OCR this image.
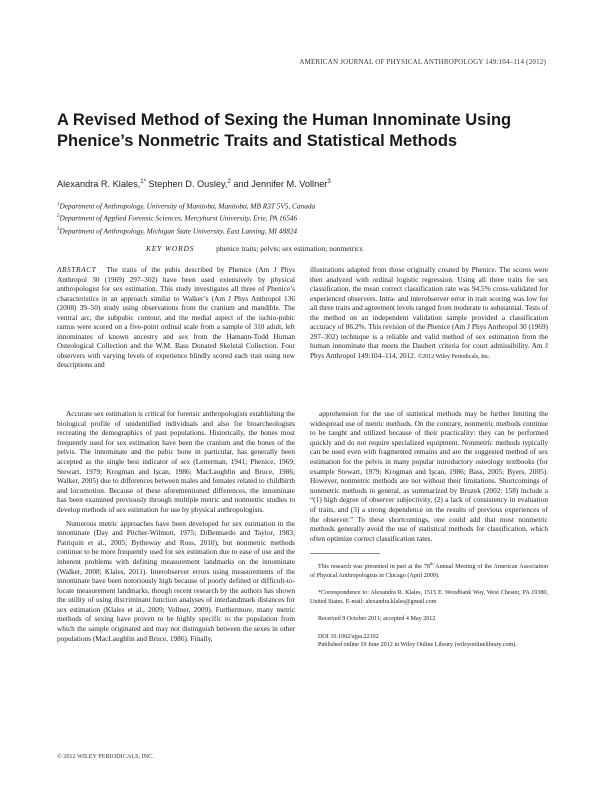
AMERICAN JOURNAL OF PHYSICAL ANTHROPOLOGY 149:104–114 (2012)
A Revised Method of Sexing the Human Innominate Using Phenice’s Nonmetric Traits and Statistical Methods
Alexandra R. Klales,$^{1*}$ Stephen D. Ousley,$^2$ and Jennifer M. Vollner$^3$
$^1$Department of Anthropology, University of Manitoba, Manitoba, MB R3T 5V5, Canada
$^2$Department of Applied Forensic Sciences, Mercyhurst University, Erie, PA 16546
$^3$Department of Anthropology, Michigan State University, East Lansing, MI 48824
KEY WORDS	phenice traits; pelvis; sex estimation; nonmetrics
ABSTRACT The traits of the pubis described by Phenice (Am J Phys Anthropol 30 (1969) 297–302) have been used extensively by physical anthropologist for sex estimation. This study investigates all three of Phenice’s characteristics in an approach similar to Walker’s (Am J Phys Anthropol 136 (2008) 39–50) study using observations from the cranium and mandible. The ventral arc, the subpubic contour, and the medial aspect of the ischio-pubic ramus were scored on a five-point ordinal scale from a sample of 310 adult, left innominates of known ancestry and sex from the Hamann-Todd Human Osteological Collection and the W.M. Bass Donated Skeletal Collection. Four observers with varying levels of experience blindly scored each trait using new descriptions and
illustrations adapted from those originally created by Phenice. The scores were then analyzed with ordinal logistic regression. Using all three traits for sex classification, the mean correct classification rate was 94.5% cross-validated for experienced observers. Intra- and interobserver error in trait scoring was low for all three traits and agreement levels ranged from moderate to substantial. Tests of the method on an independent validation sample provided a classification accuracy of 86.2%. This revision of the Phenice (Am J Phys Anthropol 30 (1969) 297–302) technique is a reliable and valid method of sex estimation from the human innominate that meets the Daubert criteria for court admissibility. Am J Phys Anthropol 149:104–114, 2012. ©2012 Wiley Periodicals, Inc.

Accurate sex estimation is critical for forensic anthropologists establishing the biological profile of unidentified individuals and also for bioarcheologists recreating the demographics of past populations. Historically, the bones most frequently used for sex estimation have been the cranium and the bones of the pelvis. The innominate and the pubic bone in particular, has generally been accepted as the single best indicator of sex (Letterman, 1941; Phenice, 1969; Stewart, 1979; Krogman and Işcan, 1986; MacLaughlin and Bruce, 1986; Walker, 2005) due to differences between males and females related to childbirth and locomotion. Because of these aforementioned differences, the innominate has been examined previously through multiple metric and nonmetric studies to develop methods of sex estimation for use by physical anthropologists.

Numerous metric approaches have been developed for sex estimation in the innominate (Day and Pitcher-Wilmott, 1975; DiBennardo and Taylor, 1983; Patriquin et al., 2005; Bytheway and Ross, 2010), but nonmetric methods continue to be more frequently used for sex estimation due to ease of use and the inherent problems with defining measurement landmarks on the innominate (Walker, 2008; Klales, 2011). Interobserver errors using measurements of the innominate have been notoriously high because of poorly defined or difficult-to-locate measurement landmarks, though recent research by the authors has shown the utility of using discriminant function analyses of interlandmark distances for sex estimation (Klales et al., 2009; Vollner, 2009). Furthermore, many metric methods of sexing have proven to be highly specific to the population from which the sample originated and may not distinguish between the sexes in other populations (MacLaughlin and Bruce, 1986). Finally,

apprehension for the use of statistical methods may be further limiting the widespread use of metric methods. On the contrary, nonmetric methods continue to be taught and utilized because of their practicality: they can be performed quickly and do not require specialized equipment. Nonmetric methods typically can be used even with fragmented remains and are the suggested method of sex estimation for the pelvis in many popular introductory osteology textbooks (for example Stewart, 1979; Krogman and Işcan, 1986; Bass, 2005; Byers, 2005). However, nonmetric methods are not without their limitations. Shortcomings of nonmetric methods in general, as summarized by Bruzek (2002: 158) include a “(1) high degree of observer subjectivity, (2) a lack of consistency in evaluation of traits, and (3) a strong dependence on the results of previous experiences of the observer.” To these shortcomings, one could add that most nonmetric methods generally avoid the use of statistical methods for classification, which often optimize correct classification rates.

This research was presented in part at the 78th Annual Meeting of the American Association of Physical Anthropologists in Chicago (April 2009).

*Correspondence to: Alexandra R. Klales, 1515 E. Woodbank Way, West Chester, PA 19380, United States. E-mail: alexandra.klales@gmail.com

Received 9 October 2011; accepted 4 May 2012
DOI 10.1002/ajpa.22102
Published online 19 June 2012 in Wiley Online Library (wileyonlinelibrary.com).
© 2012 WILEY PERIODICALS, INC.
